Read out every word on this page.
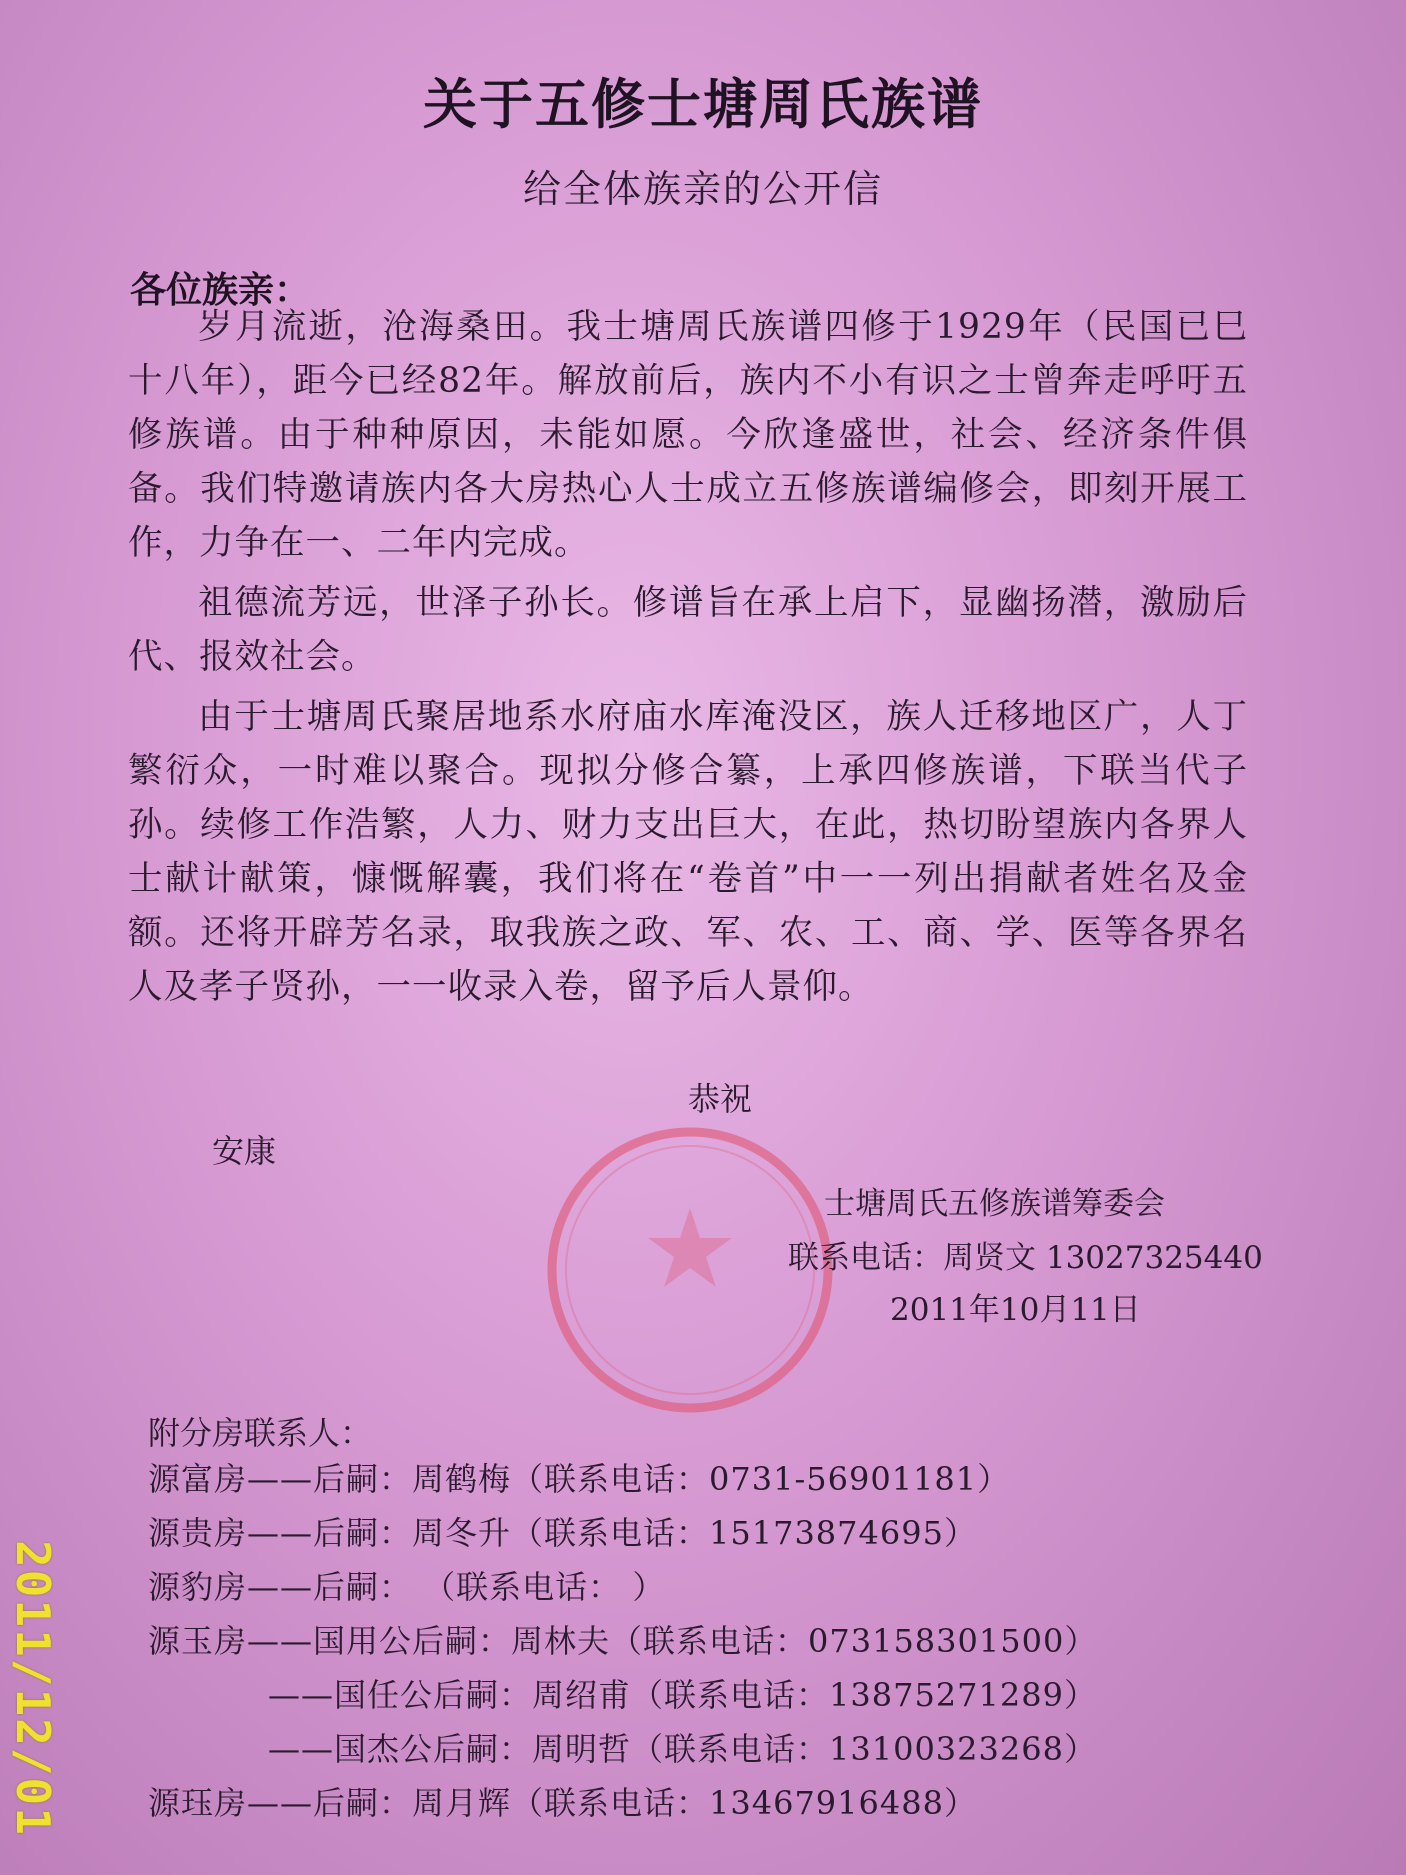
关于五修士塘周氏族谱
给全体族亲的公开信
各位族亲：

岁月流逝，沧海桑田。我士塘周氏族谱四修于1929年（民国已巳十八年），距今已经82年。解放前后，族内不小有识之士曾奔走呼吁五修族谱。由于种种原因，未能如愿。今欣逢盛世，社会、经济条件俱备。我们特邀请族内各大房热心人士成立五修族谱编修会，即刻开展工作，力争在一、二年内完成。

祖德流芳远，世泽子孙长。修谱旨在承上启下，显幽扬潜，激励后代、报效社会。

由于士塘周氏聚居地系水府庙水库淹没区，族人迁移地区广，人丁繁衍众，一时难以聚合。现拟分修合纂，上承四修族谱，下联当代子孙。续修工作浩繁，人力、财力支出巨大，在此，热切盼望族内各界人士献计献策，慷慨解囊，我们将在“卷首”中一一列出捐献者姓名及金额。还将开辟芳名录，取我族之政、军、农、工、商、学、医等各界名人及孝子贤孙，一一收录入卷，留予后人景仰。

恭祝
安康
士塘周氏五修族谱筹委会
联系电话：周贤文 13027325440
2011年10月11日
附分房联系人：
源富房——后嗣：周鹤梅（联系电话：0731-56901181）
源贵房——后嗣：周冬升（联系电话：15173874695）
源豹房——后嗣： （联系电话： ）
源玉房——国用公后嗣：周林夫（联系电话：073158301500）
——国任公后嗣：周绍甫（联系电话：13875271289）
——国杰公后嗣：周明哲（联系电话：13100323268）
源珏房——后嗣：周月辉（联系电话：13467916488）
2011/12/01
